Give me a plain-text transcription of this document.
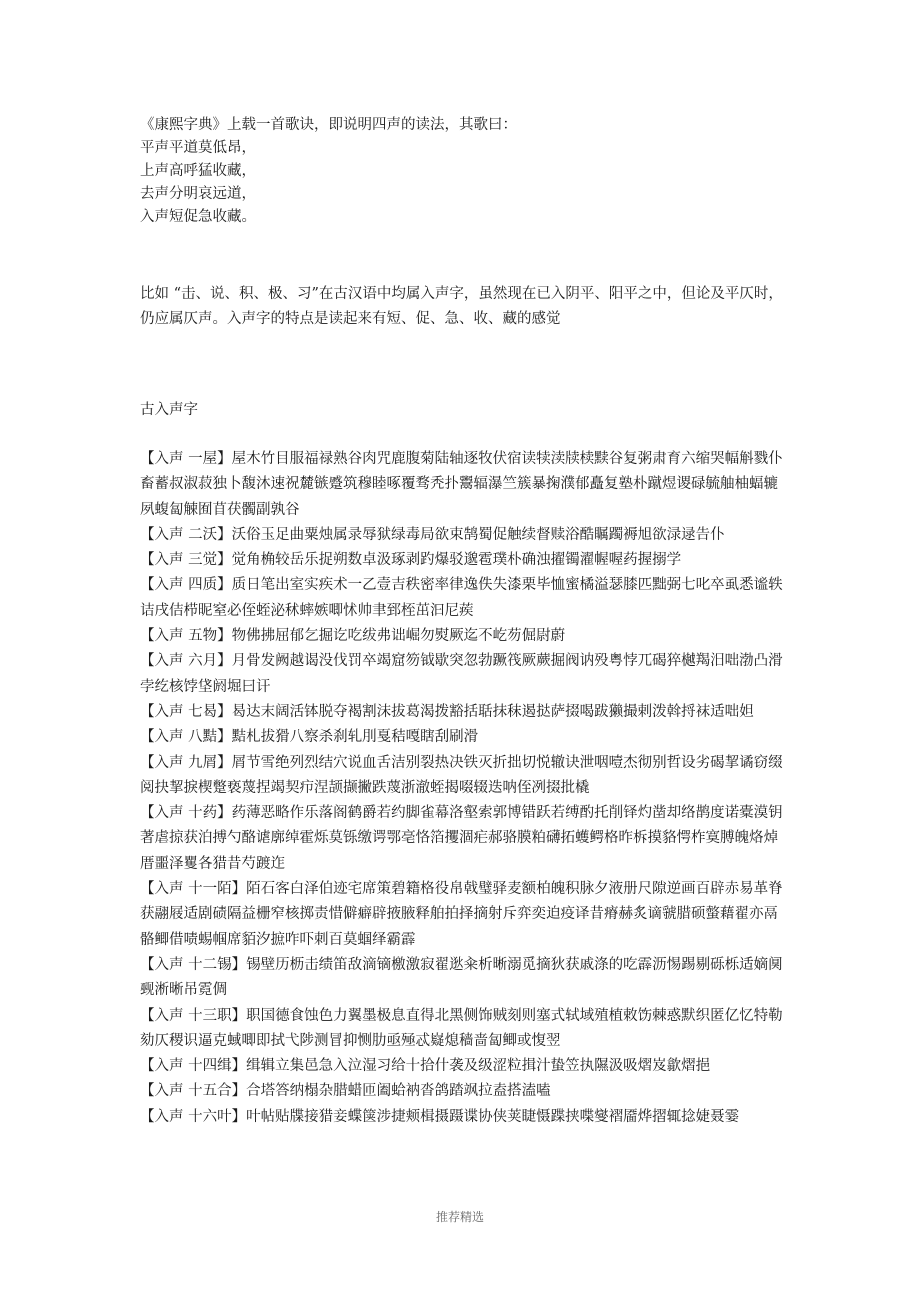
《康熙字典》上载一首歌诀，即说明四声的读法，其歌曰：
平声平道莫低昂，
上声高呼猛收藏，
去声分明哀远道，
入声短促急收藏。
比如 “击、说、积、极、习”在古汉语中均属入声字，虽然现在已入阴平、阳平之中，但论及平仄时，仍应属仄声。入声字的特点是读起来有短、促、急、收、藏的感觉
古入声字
【入声 一屋】屋木竹目服福禄熟谷肉咒鹿腹菊陆轴逐牧伏宿读犊渎牍椟黩谷复粥肃育六缩哭幅斛戮仆畜蓄叔淑菽独卜馥沐速祝麓镞蹙筑穆睦啄覆骛秃扑鬻辐瀑竺簇暴掬濮郁矗复塾朴蹴煜谡碌毓舳柚蝠辘夙蝮匐觫囿苜茯髑副孰谷
【入声 二沃】沃俗玉足曲粟烛属录辱狱绿毒局欲束鹄蜀促触续督赎浴酷瞩躅褥旭欲渌逯告仆
【入声 三觉】觉角桷较岳乐捉朔数卓汲琢剥趵爆驳邈雹璞朴确浊擢镯濯幄喔药握搦学
【入声 四质】质日笔出室实疾术一乙壹吉秩密率律逸佚失漆栗毕恤蜜橘溢瑟膝匹黜弼七叱卒虱悉谧轶诘戌佶栉昵窒必侄蛭泌秫蟀嫉唧怵帅聿郅桎茁汩尼蒺
【入声 五物】物佛拂屈郁乞掘讫吃绂弗诎崛勿熨厥迄不屹芴倔尉蔚
【入声 六月】月骨发阙越谒没伐罚卒竭窟笏钺歇突忽勃蹶筏厥蕨掘阀讷殁粤悖兀碣猝樾羯汨咄渤凸滑孛纥核饽垡阏堀曰讦
【入声 七曷】曷达末阔活钵脱夺褐割沫拔葛渴拨豁括聒抹秣遏挞萨掇喝跋獭撮剌泼斡捋袜适咄妲
【入声 八黠】黠札拔猾八察杀刹轧刖戛秸嘎瞎刮刷滑
【入声 九屑】屑节雪绝列烈结穴说血舌洁别裂热决铁灭折拙切悦辙诀泄咽噎杰彻别哲设劣碣挈谲窃缀阅抉挈捩楔蹩亵蔑捏竭契疖涅颉撷撇跌蔑浙澈蛭揭啜辍迭呐侄冽掇批橇
【入声 十药】药薄恶略作乐落阁鹤爵若约脚雀幕洛壑索郭博错跃若缚酌托削铎灼凿却络鹊度诺橐漠钥著虐掠获泊搏勺酪谑廓绰霍烁莫铄缴谔鄂亳恪箔攫涸疟郝骆膜粕礴拓蠖鳄格昨柝摸貉愕柞寞膊魄烙焯厝噩泽矍各猎昔芍踱迮
【入声 十一陌】陌石客白泽伯迹宅席策碧籍格役帛戟璧驿麦额柏魄积脉夕液册尺隙逆画百辟赤易革脊获翮屐适剧碛隔益栅窄核掷责惜僻癖辟掖腋释舶拍择摘射斥弈奕迫疫译昔瘠赫炙谪虢腊硕螫藉翟亦鬲骼鲫借啧蜴帼席貊汐摭咋吓刺百莫蝈绎霸霹
【入声 十二锡】锡壁历枥击绩笛敌滴镝檄激寂翟逖籴析晰溺觅摘狄获戚涤的吃霹沥惕踢剔砾栎适嫡阒觋淅晰吊霓倜
【入声 十三职】职国德食蚀色力翼墨极息直得北黑侧饰贼刻则塞式轼域殖植敕饬棘惑默织匿亿忆特勒劾仄稷识逼克蜮唧即拭弋陟测冒抑恻肋亟殛忒嶷熄穑啬匐鲫或愎翌
【入声 十四缉】缉辑立集邑急入泣湿习给十拾什袭及级涩粒揖汁蛰笠执隰汲吸熠岌歙熠挹
【入声 十五合】合塔答纳榻杂腊蜡匝阖蛤衲沓鸽踏飒拉盍搭溘嗑
【入声 十六叶】叶帖贴牒接猎妾蝶箧涉捷颊楫摄蹑谍协侠荚睫慑蹀挟喋燮褶靥烨摺辄捻婕聂霎
推荐精选
